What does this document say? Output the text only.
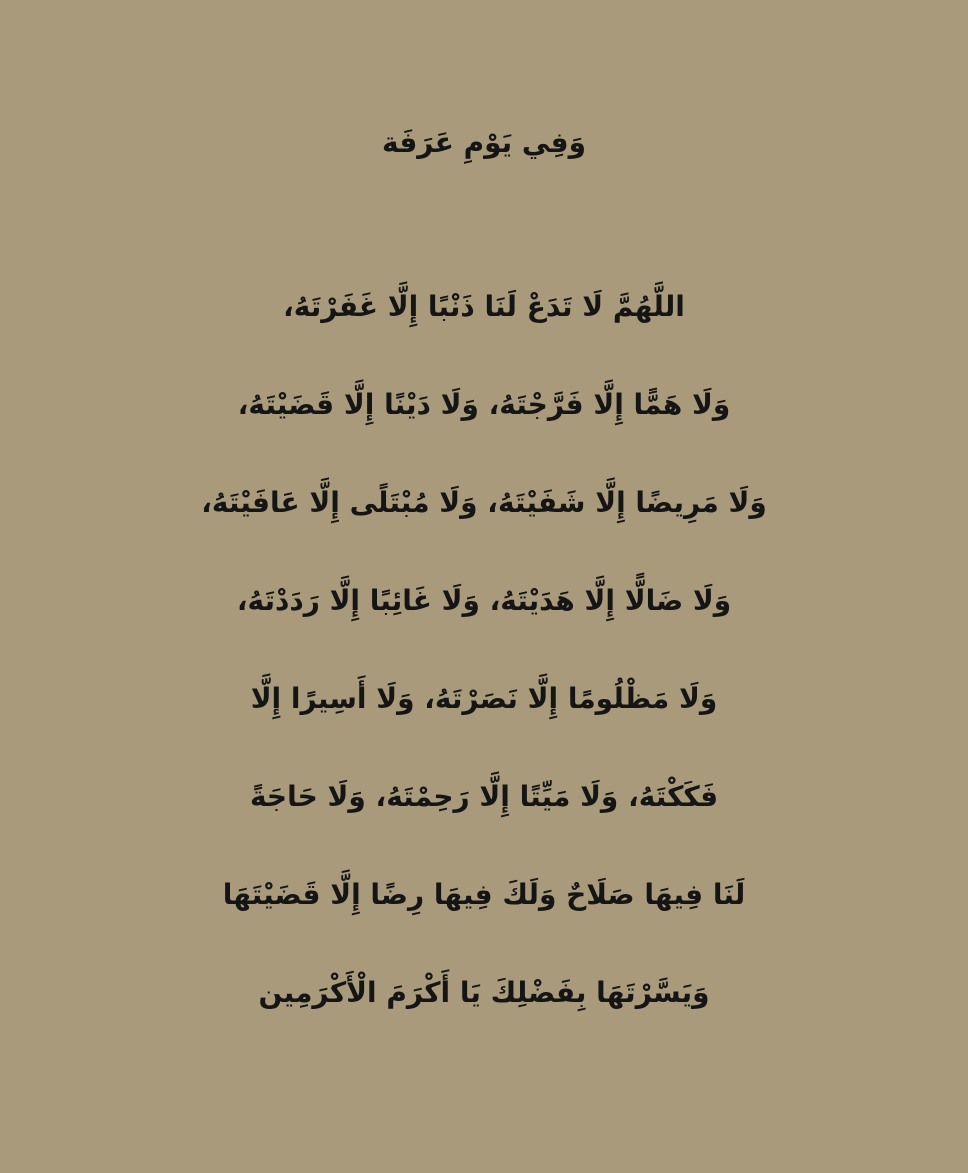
وَفِي يَوْمِ عَرَفَة
اللَّهُمَّ لَا تَدَعْ لَنَا ذَنْبًا إِلَّا غَفَرْتَهُ،
وَلَا هَمًّا إِلَّا فَرَّجْتَهُ، وَلَا دَيْنًا إِلَّا قَضَيْتَهُ،
وَلَا مَرِيضًا إِلَّا شَفَيْتَهُ، وَلَا مُبْتَلًى إِلَّا عَافَيْتَهُ،
وَلَا ضَالًّا إِلَّا هَدَيْتَهُ، وَلَا غَائِبًا إِلَّا رَدَدْتَهُ،
وَلَا مَظْلُومًا إِلَّا نَصَرْتَهُ، وَلَا أَسِيرًا إِلَّا
فَكَكْتَهُ، وَلَا مَيِّتًا إِلَّا رَحِمْتَهُ، وَلَا حَاجَةً
لَنَا فِيهَا صَلَاحٌ وَلَكَ فِيهَا رِضًا إِلَّا قَضَيْتَهَا
وَيَسَّرْتَهَا بِفَضْلِكَ يَا أَكْرَمَ الْأَكْرَمِين
